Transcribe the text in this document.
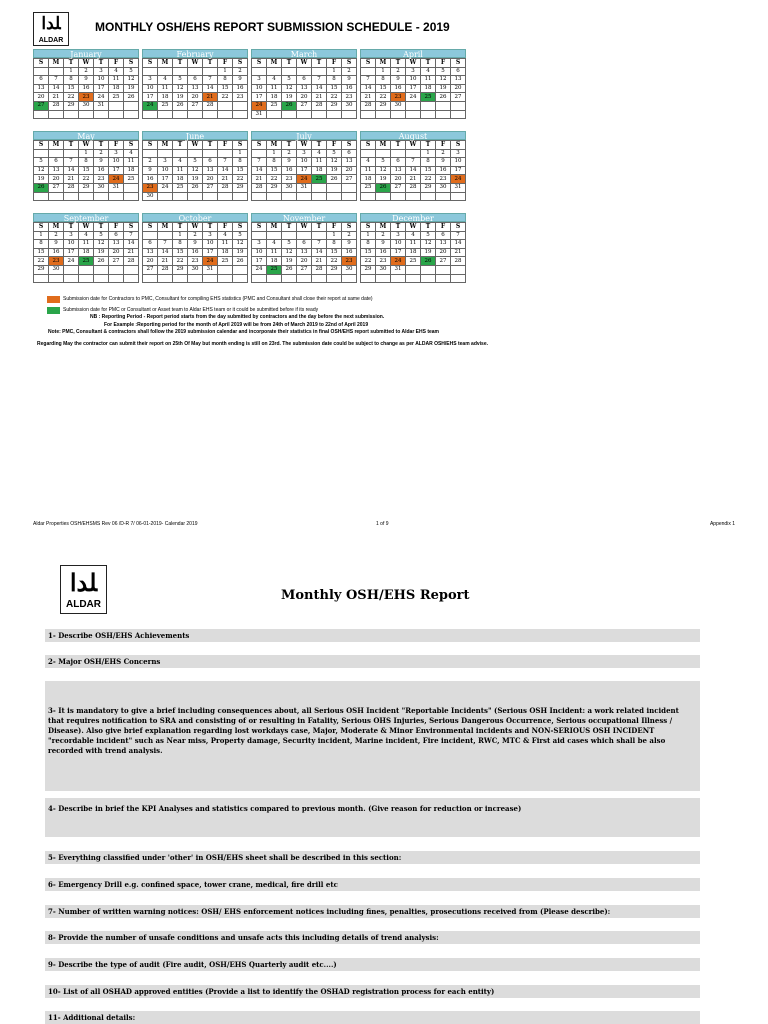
ﻠﺪا
ALDAR
MONTHLY OSH/EHS REPORT SUBMISSION SCHEDULE - 2019
January
S	M	T	W	T	F	S
		1	2	3	4	5
6	7	8	9	10	11	12
13	14	15	16	17	18	19
20	21	22	23	24	25	26
27	28	29	30	31		

February
S	M	T	W	T	F	S
					1	2
3	4	5	6	7	8	9
10	11	12	13	14	15	16
17	18	19	20	21	22	23
24	25	26	27	28		

March
S	M	T	W	T	F	S
					1	2
3	4	5	6	7	8	9
10	11	12	13	14	15	16
17	18	19	20	21	22	23
24	25	26	27	28	29	30
31						
April
S	M	T	W	T	F	S
	1	2	3	4	5	6
7	8	9	10	11	12	13
14	15	16	17	18	19	20
21	22	23	24	25	26	27
28	29	30				

May
S	M	T	W	T	F	S
			1	2	3	4
5	6	7	8	9	10	11
12	13	14	15	16	17	18
19	20	21	22	23	24	25
26	27	28	29	30	31	

June
S	M	T	W	T	F	S
						1
2	3	4	5	6	7	8
9	10	11	12	13	14	15
16	17	18	19	20	21	22
23	24	25	26	27	28	29
30						
July
S	M	T	W	T	F	S
	1	2	3	4	5	6
7	8	9	10	11	12	13
14	15	16	17	18	19	20
21	22	23	24	25	26	27
28	29	30	31			

August
S	M	T	W	T	F	S
				1	2	3
4	5	6	7	8	9	10
11	12	13	14	15	16	17
18	19	20	21	22	23	24
25	26	27	28	29	30	31

September
S	M	T	W	T	F	S
1	2	3	4	5	6	7
8	9	10	11	12	13	14
15	16	17	18	19	20	21
22	23	24	25	26	27	28
29	30					

October
S	M	T	W	T	F	S
		1	2	3	4	5
6	7	8	9	10	11	12
13	14	15	16	17	18	19
20	21	22	23	24	25	26
27	28	29	30	31		

November
S	M	T	W	T	F	S
					1	2
3	4	5	6	7	8	9
10	11	12	13	14	15	16
17	18	19	20	21	22	23
24	25	26	27	28	29	30

December
S	M	T	W	T	F	S
1	2	3	4	5	6	7
8	9	10	11	12	13	14
15	16	17	18	19	20	21
22	23	24	25	26	27	28
29	30	31				

Submission date for Contractors to PMC, Consultant for compiling EHS statistics (PMC and Consultant shall close their report at same date)
Submission date for PMC or Consultant or Asset team to Aldar EHS team or it could be submitted before if its ready
NB : Reporting Period - Report period starts from the day submitted by contractors and the day before the next submission.
For Example :Reporting period for the month of April 2019 will be from 24th of March 2019 to 22nd of April 2019
Note: PMC, Consultant & contractors shall follow the 2019 submission calendar and incorporate their statistics in final OSH/EHS report submitted to Aldar EHS team
Regarding May the contractor can submit their report on 25th Of May but month ending is still on 23rd. The submission date could be subject to change as per ALDAR OSH/EHS team advise.
Aldar Properties OSH/EHSMS Rev 06 /D-R 7/ 06-01-2019- Calendar 2019	1 of 9	Appendix 1
ﻠﺪا
ALDAR
Monthly OSH/EHS Report
1- Describe OSH/EHS Achievements
2- Major OSH/EHS Concerns
3- It is mandatory to give a brief including consequences about, all Serious OSH Incident "Reportable Incidents" (Serious OSH Incident: a work related incident that requires notification to SRA and consisting of or resulting in Fatality, Serious OHS Injuries, Serious Dangerous Occurrence, Serious occupational Illness / Disease). Also give brief explanation regarding lost workdays case, Major, Moderate & Minor Environmental incidents and NON-SERIOUS OSH INCIDENT "recordable incident" such as Near miss, Property damage, Security incident, Marine incident, Fire incident, RWC, MTC & First aid cases which shall be also recorded with trend analysis.
4- Describe in brief the KPI Analyses and statistics compared to previous month. (Give reason for reduction or increase)
5- Everything classified under 'other' in OSH/EHS sheet shall be described in this section:
6- Emergency Drill e.g. confined space, tower crane, medical, fire drill etc
7- Number of written warning notices: OSH/ EHS enforcement notices including fines, penalties, prosecutions received from (Please describe):
8- Provide the number of unsafe conditions and unsafe acts this including details of trend analysis:
9- Describe the type of audit (Fire audit, OSH/EHS Quarterly audit etc....)
10- List of all OSHAD approved entities (Provide a list to identify the OSHAD registration process for each entity)
11- Additional details:
